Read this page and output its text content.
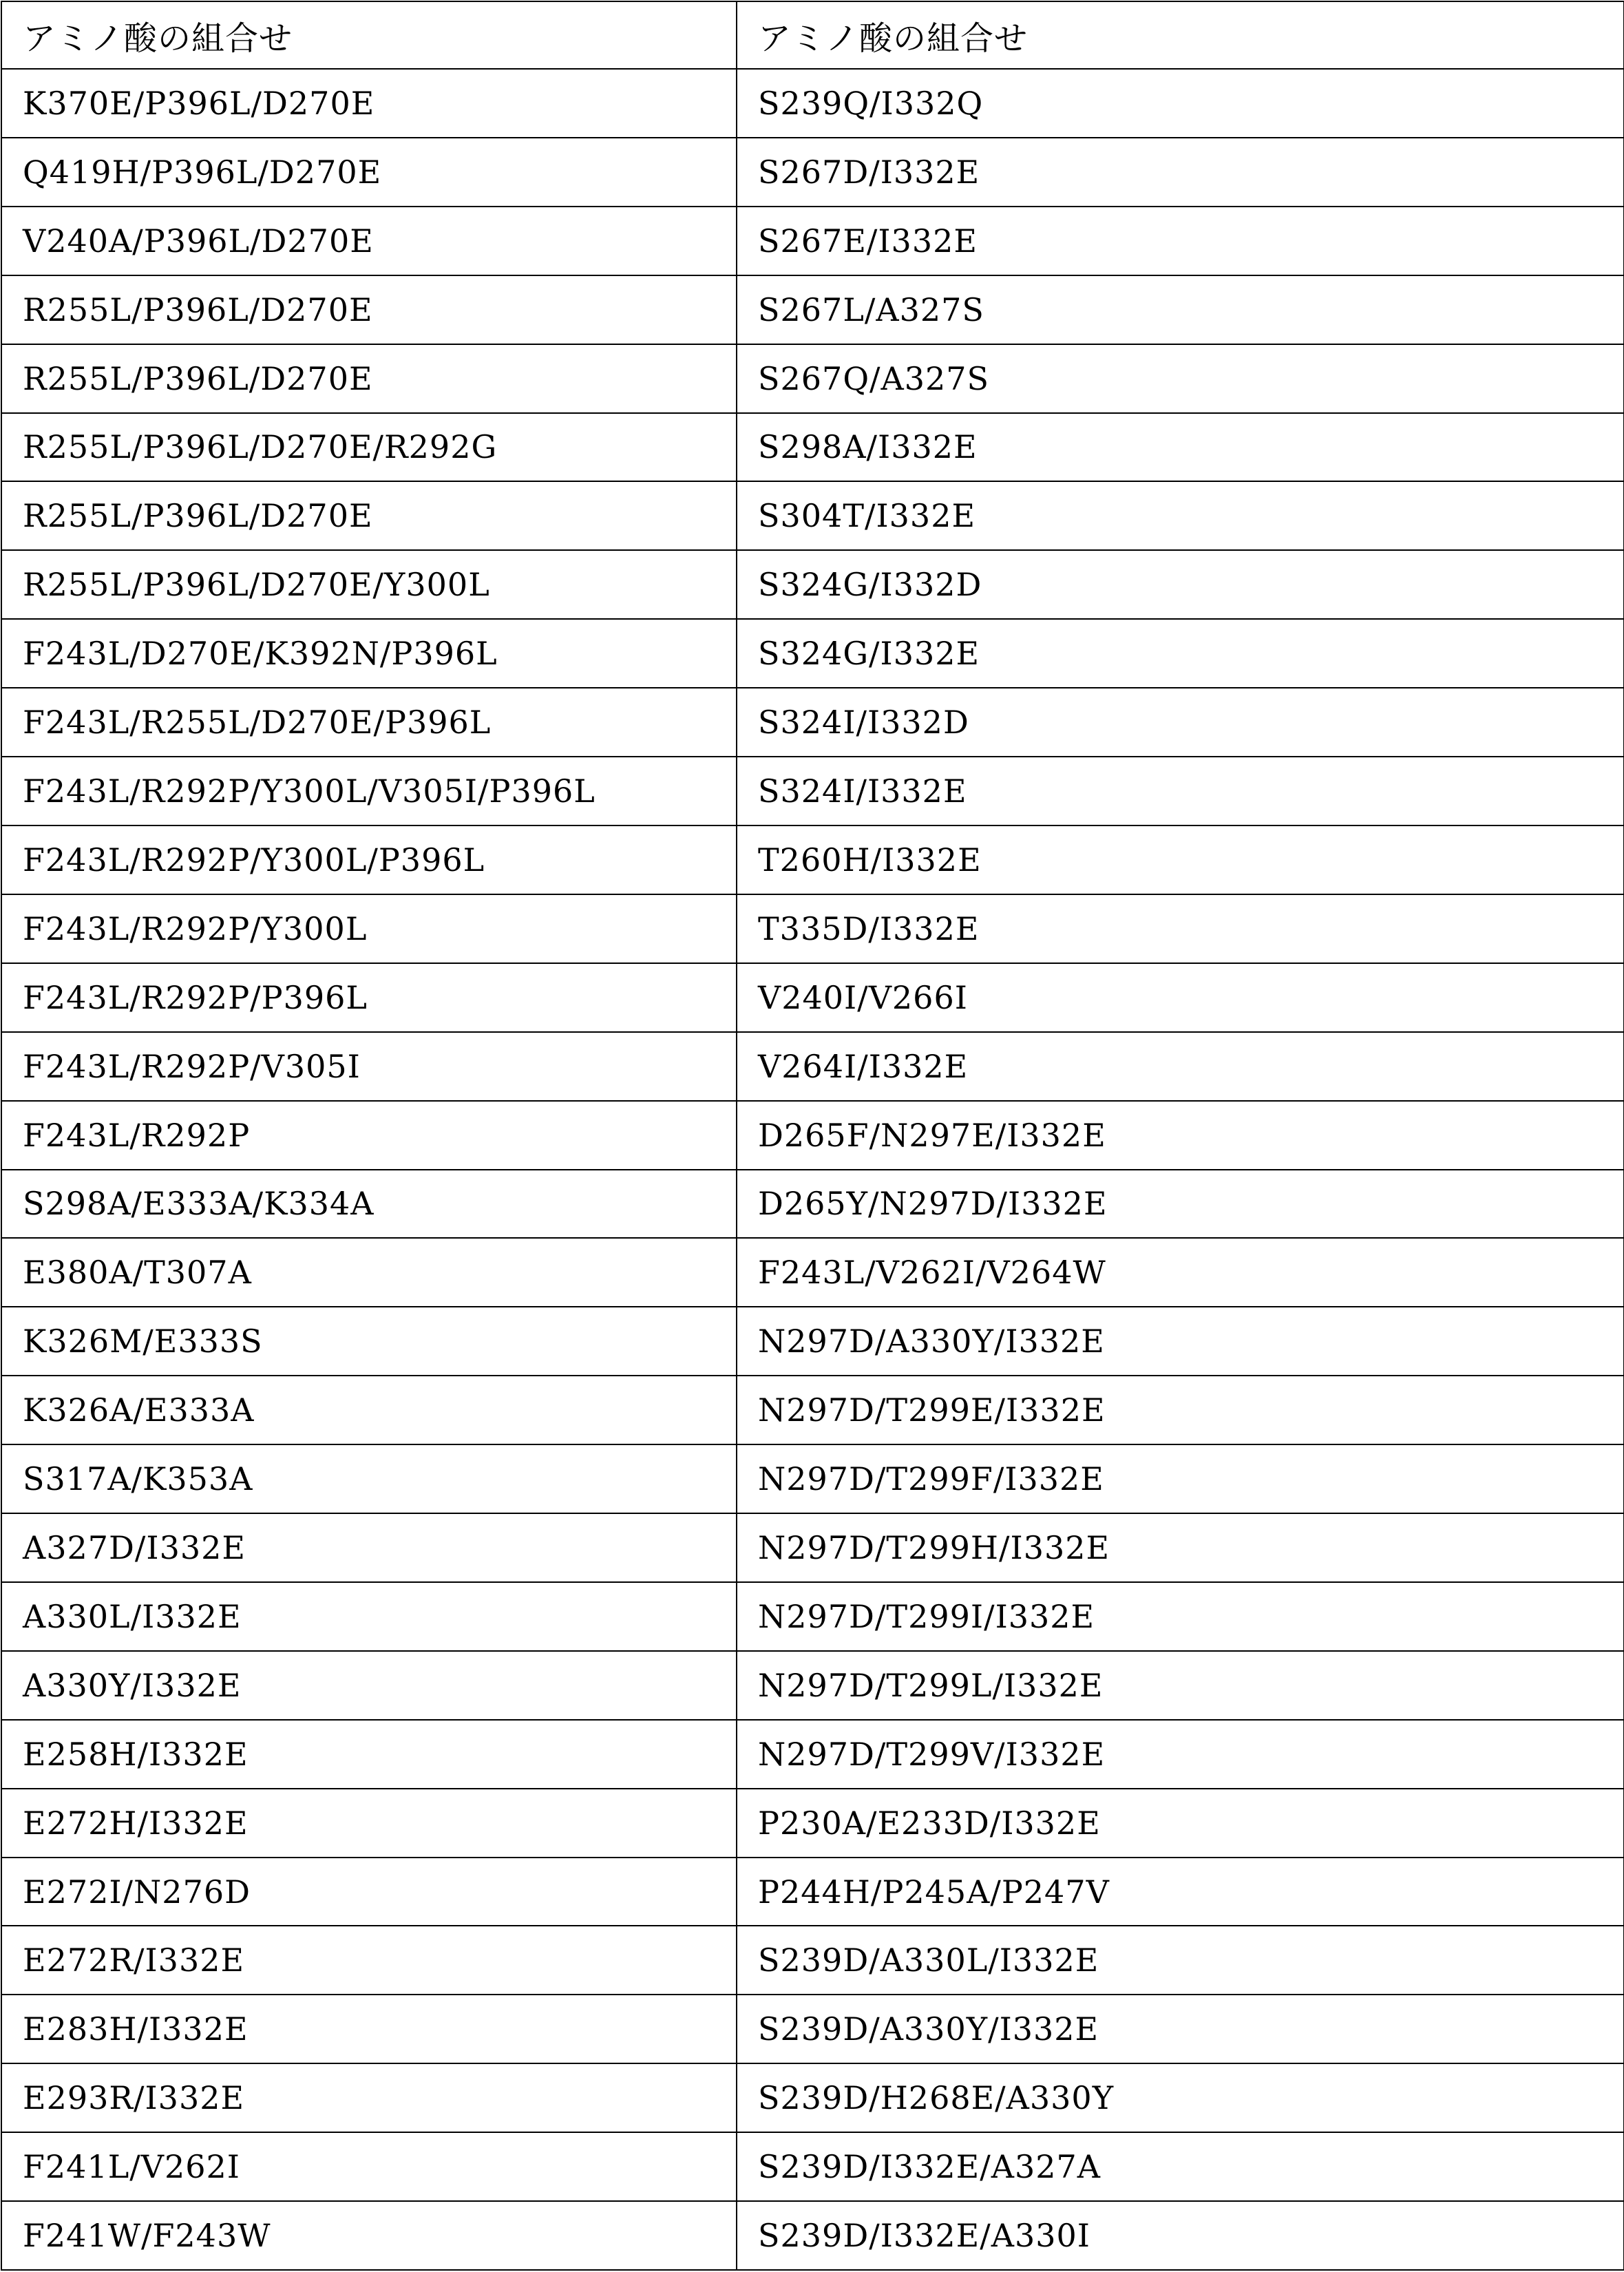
アミノ酸の組合せ	アミノ酸の組合せ
K370E/P396L/D270E	S239Q/I332Q
Q419H/P396L/D270E	S267D/I332E
V240A/P396L/D270E	S267E/I332E
R255L/P396L/D270E	S267L/A327S
R255L/P396L/D270E	S267Q/A327S
R255L/P396L/D270E/R292G	S298A/I332E
R255L/P396L/D270E	S304T/I332E
R255L/P396L/D270E/Y300L	S324G/I332D
F243L/D270E/K392N/P396L	S324G/I332E
F243L/R255L/D270E/P396L	S324I/I332D
F243L/R292P/Y300L/V305I/P396L	S324I/I332E
F243L/R292P/Y300L/P396L	T260H/I332E
F243L/R292P/Y300L	T335D/I332E
F243L/R292P/P396L	V240I/V266I
F243L/R292P/V305I	V264I/I332E
F243L/R292P	D265F/N297E/I332E
S298A/E333A/K334A	D265Y/N297D/I332E
E380A/T307A	F243L/V262I/V264W
K326M/E333S	N297D/A330Y/I332E
K326A/E333A	N297D/T299E/I332E
S317A/K353A	N297D/T299F/I332E
A327D/I332E	N297D/T299H/I332E
A330L/I332E	N297D/T299I/I332E
A330Y/I332E	N297D/T299L/I332E
E258H/I332E	N297D/T299V/I332E
E272H/I332E	P230A/E233D/I332E
E272I/N276D	P244H/P245A/P247V
E272R/I332E	S239D/A330L/I332E
E283H/I332E	S239D/A330Y/I332E
E293R/I332E	S239D/H268E/A330Y
F241L/V262I	S239D/I332E/A327A
F241W/F243W	S239D/I332E/A330I
